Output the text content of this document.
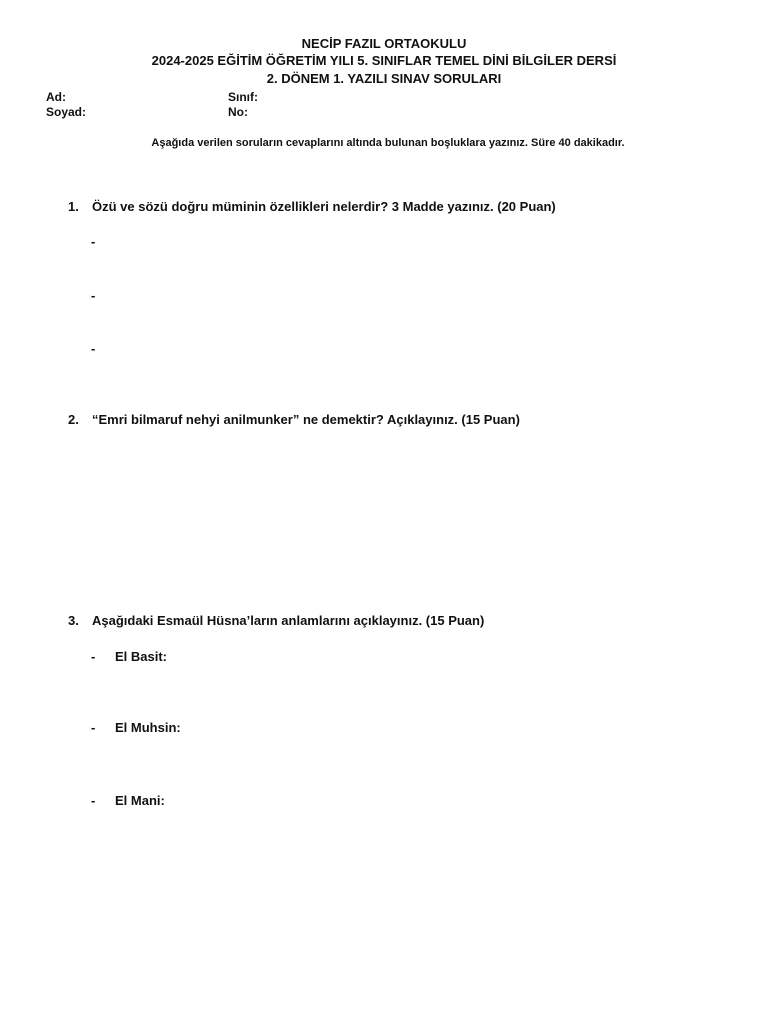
NECİP FAZIL ORTAOKULU
2024-2025 EĞİTİM ÖĞRETİM YILI 5. SINIFLAR TEMEL DİNİ BİLGİLER DERSİ
2. DÖNEM 1. YAZILI SINAV SORULARI
Ad:	Sınıf:
Soyad:	No:
Aşağıda verilen soruların cevaplarını altında bulunan boşluklara yazınız. Süre 40 dakikadır.
1. Özü ve sözü doğru müminin özellikleri nelerdir? 3 Madde yazınız. (20 Puan)
-
-
-
2. “Emri bilmaruf nehyi anilmunker” ne demektir? Açıklayınız. (15 Puan)
3. Aşağıdaki Esmaül Hüsna’ların anlamlarını açıklayınız. (15 Puan)
- El Basit:
- El Muhsin:
- El Mani:
